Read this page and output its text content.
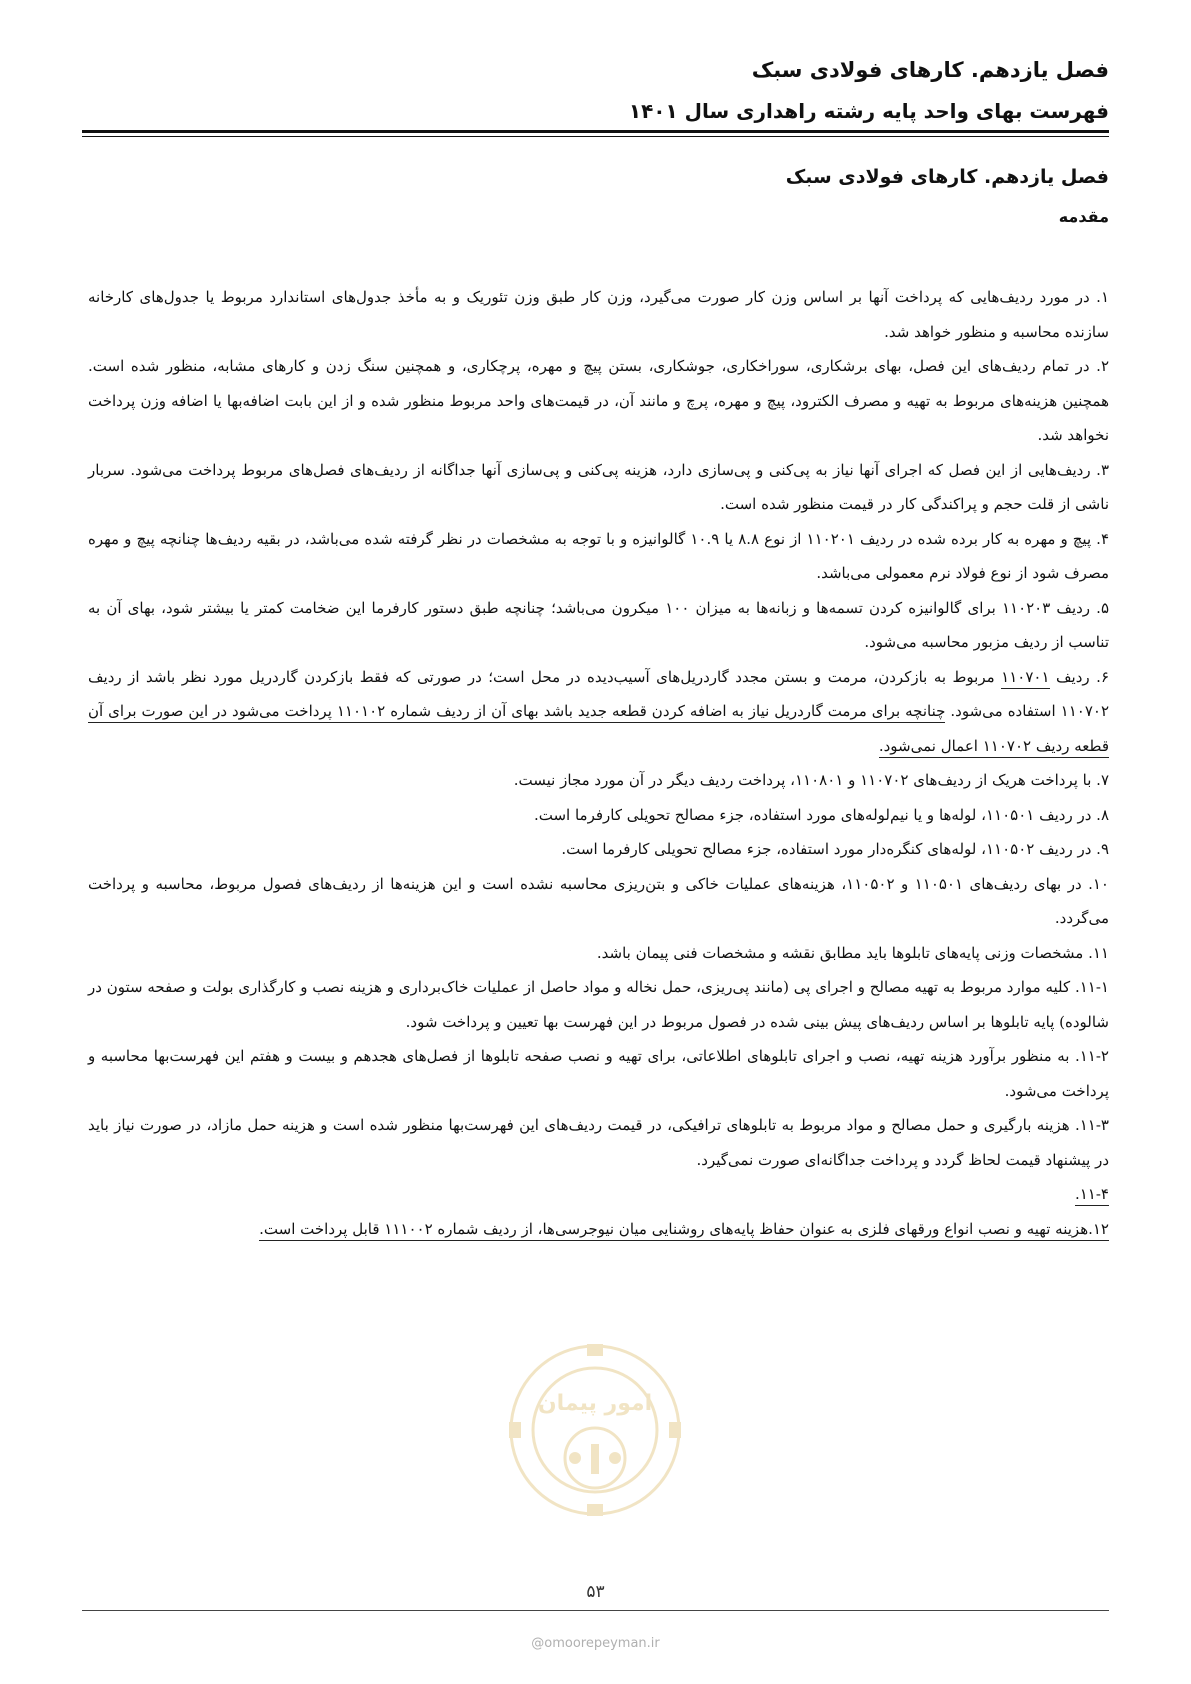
فصل یازدهم. کارهای فولادی سبک
فهرست بهای واحد پایه رشته راهداری سال ۱۴۰۱
فصل یازدهم. کارهای فولادی سبک
مقدمه

۱. در مورد ردیف‌هایی که پرداخت آنها بر اساس وزن کار صورت می‌گیرد، وزن کار طبق وزن تئوریک و به مأخذ جدول‌های استاندارد مربوط یا جدول‌های کارخانه سازنده محاسبه و منظور خواهد شد.

۲. در تمام ردیف‌های این فصل، بهای برشکاری، سوراخکاری، جوشکاری، بستن پیچ و مهره، پرچکاری، و همچنین سنگ زدن و کارهای مشابه، منظور شده است. همچنین هزینه‌های مربوط به تهیه و مصرف الکترود، پیچ و مهره، پرچ و مانند آن، در قیمت‌های واحد مربوط منظور شده و از این بابت اضافه‌بها یا اضافه وزن پرداخت نخواهد شد.

۳. ردیف‌هایی از این فصل که اجرای آنها نیاز به پی‌کنی و پی‌سازی دارد، هزینه پی‌کنی و پی‌سازی آنها جداگانه از ردیف‌های فصل‌های مربوط پرداخت می‌شود. سربار ناشی از قلت حجم و پراکندگی کار در قیمت منظور شده است.

۴. پیچ و مهره به کار برده شده در ردیف ۱۱۰۲۰۱ از نوع ۸.۸ یا ۱۰.۹ گالوانیزه و با توجه به مشخصات در نظر گرفته شده می‌باشد، در بقیه ردیف‌ها چنانچه پیچ و مهره مصرف شود از نوع فولاد نرم معمولی می‌باشد.

۵. ردیف ۱۱۰۲۰۳ برای گالوانیزه کردن تسمه‌ها و زبانه‌ها به میزان ۱۰۰ میکرون می‌باشد؛ چنانچه طبق دستور کارفرما این ضخامت کمتر یا بیشتر شود، بهای آن به تناسب از ردیف مزبور محاسبه می‌شود.

۶. ردیف ۱۱۰۷۰۱ مربوط به بازکردن، مرمت و بستن مجدد گاردریل‌های آسیب‌دیده در محل است؛ در صورتی که فقط بازکردن گاردریل مورد نظر باشد از ردیف ۱۱۰۷۰۲ استفاده می‌شود. چنانچه برای مرمت گاردریل نیاز به اضافه کردن قطعه جدید باشد بهای آن از ردیف شماره ۱۱۰۱۰۲ پرداخت می‌شود در این صورت برای آن قطعه ردیف ۱۱۰۷۰۲ اعمال نمی‌شود.

۷. با پرداخت هریک از ردیف‌های ۱۱۰۷۰۲ و ۱۱۰۸۰۱، پرداخت ردیف دیگر در آن مورد مجاز نیست.

۸. در ردیف ۱۱۰۵۰۱، لوله‌ها و یا نیم‌لوله‌های مورد استفاده، جزء مصالح تحویلی کارفرما است.

۹. در ردیف ۱۱۰۵۰۲، لوله‌های کنگره‌دار مورد استفاده، جزء مصالح تحویلی کارفرما است.

۱۰. در بهای ردیف‌های ۱۱۰۵۰۱ و ۱۱۰۵۰۲، هزینه‌های عملیات خاکی و بتن‌ریزی محاسبه نشده است و این هزینه‌ها از ردیف‌های فصول مربوط، محاسبه و پرداخت می‌گردد.

۱۱. مشخصات وزنی پایه‌های تابلوها باید مطابق نقشه و مشخصات فنی پیمان باشد.

۱۱-۱. کلیه موارد مربوط به تهیه مصالح و اجرای پی (مانند پی‌ریزی، حمل نخاله و مواد حاصل از عملیات خاک‌برداری و هزینه نصب و کارگذاری بولت و صفحه ستون در شالوده) پایه تابلوها بر اساس ردیف‌های پیش بینی شده در فصول مربوط در این فهرست بها تعیین و پرداخت شود.

۱۱-۲. به منظور برآورد هزینه تهیه، نصب و اجرای تابلوهای اطلاعاتی، برای تهیه و نصب صفحه تابلوها از فصل‌های هجدهم و بیست و هفتم این فهرست‌بها محاسبه و پرداخت می‌شود.

۱۱-۳. هزینه بارگیری و حمل مصالح و مواد مربوط به تابلوهای ترافیکی، در قیمت ردیف‌های این فهرست‌بها منظور شده است و هزینه حمل مازاد، در صورت نیاز باید در پیشنهاد قیمت لحاظ گردد و پرداخت جداگانه‌ای صورت نمی‌گیرد.

۱۱-۴.

۱۲.هزینه تهیه و نصب انواع ورقهای فلزی به عنوان حفاظ پایه‌های روشنایی میان نیوجرسی‌ها، از ردیف شماره ۱۱۱۰۰۲ قابل پرداخت است.

امور پیمان
۵۳
@omoorepeyman.ir
